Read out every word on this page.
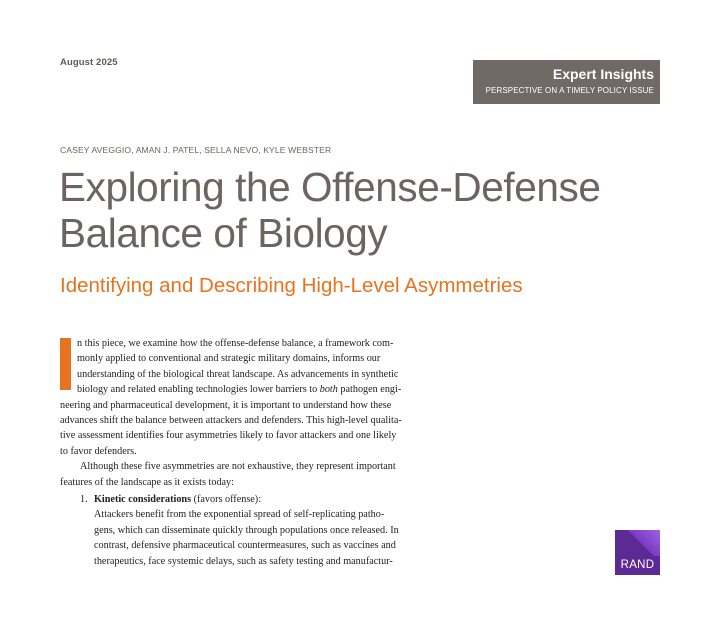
August 2025
Expert Insights
PERSPECTIVE ON A TIMELY POLICY ISSUE
CASEY AVEGGIO, AMAN J. PATEL, SELLA NEVO, KYLE WEBSTER
Exploring the Offense-Defense
Balance of Biology
Identifying and Describing High-Level Asymmetries

n this piece, we examine how the offense-defense balance, a framework com-
monly applied to conventional and strategic military domains, informs our
understanding of the biological threat landscape. As advancements in synthetic
biology and related enabling technologies lower barriers to both pathogen engi-
neering and pharmaceutical development, it is important to understand how these
advances shift the balance between attackers and defenders. This high-level qualita-
tive assessment identifies four asymmetries likely to favor attackers and one likely
to favor defenders.

Although these five asymmetries are not exhaustive, they represent important
features of the landscape as it exists today:

1. Kinetic considerations (favors offense):
Attackers benefit from the exponential spread of self-replicating patho-
gens, which can disseminate quickly through populations once released. In
contrast, defensive pharmaceutical countermeasures, such as vaccines and
therapeutics, face systemic delays, such as safety testing and manufactur-	RAND
